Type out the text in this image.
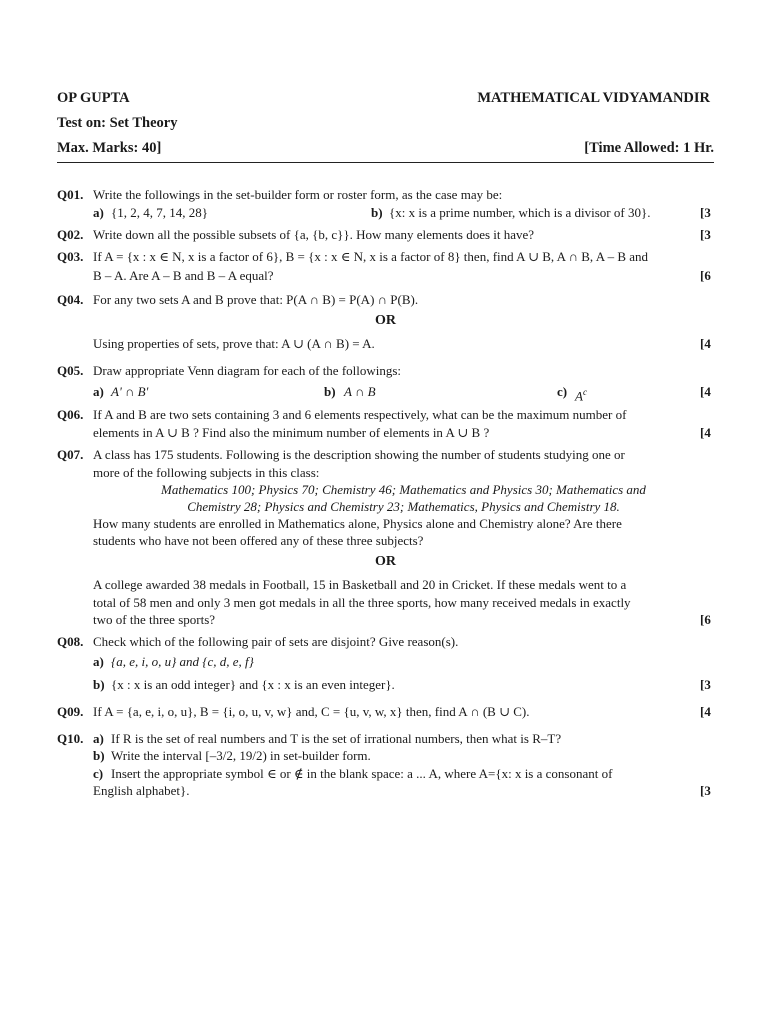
OP GUPTA	MATHEMATICAL VIDYAMANDIR
Test on: Set Theory
Max. Marks: 40]	[Time Allowed: 1 Hr.
Q01. Write the followings in the set-builder form or roster form, as the case may be:
a) {1, 2, 4, 7, 14, 28}	b) {x: x is a prime number, which is a divisor of 30}.	[3
Q02. Write down all the possible subsets of {a, {b, c}}. How many elements does it have?	[3
Q03. If A = {x : x ∈ N, x is a factor of 6}, B = {x : x ∈ N, x is a factor of 8} then, find A ∪ B, A ∩ B, A – B and
B – A. Are A – B and B – A equal?	[6
Q04. For any two sets A and B prove that: P(A ∩ B) = P(A) ∩ P(B).
OR
Using properties of sets, prove that: A ∪ (A ∩ B) = A.	[4
Q05. Draw appropriate Venn diagram for each of the followings:
a) A' ∩ B'	b) A ∩ B	c) $A^c$	[4
Q06. If A and B are two sets containing 3 and 6 elements respectively, what can be the maximum number of
elements in A ∪ B ? Find also the minimum number of elements in A ∪ B ?	[4
Q07. A class has 175 students. Following is the description showing the number of students studying one or
more of the following subjects in this class:
Mathematics 100; Physics 70; Chemistry 46; Mathematics and Physics 30; Mathematics and
Chemistry 28; Physics and Chemistry 23; Mathematics, Physics and Chemistry 18.
How many students are enrolled in Mathematics alone, Physics alone and Chemistry alone? Are there
students who have not been offered any of these three subjects?
OR
A college awarded 38 medals in Football, 15 in Basketball and 20 in Cricket. If these medals went to a
total of 58 men and only 3 men got medals in all the three sports, how many received medals in exactly
two of the three sports?	[6
Q08. Check which of the following pair of sets are disjoint? Give reason(s).
a) {a, e, i, o, u} and {c, d, e, f}
b) {x : x is an odd integer} and {x : x is an even integer}.	[3
Q09. If A = {a, e, i, o, u}, B = {i, o, u, v, w} and, C = {u, v, w, x} then, find A ∩ (B ∪ C).	[4
Q10. a) If R is the set of real numbers and T is the set of irrational numbers, then what is R–T?
b) Write the interval [–3/2, 19/2) in set-builder form.
c) Insert the appropriate symbol ∈ or ∉ in the blank space: a ... A, where A={x: x is a consonant of
English alphabet}.	[3
